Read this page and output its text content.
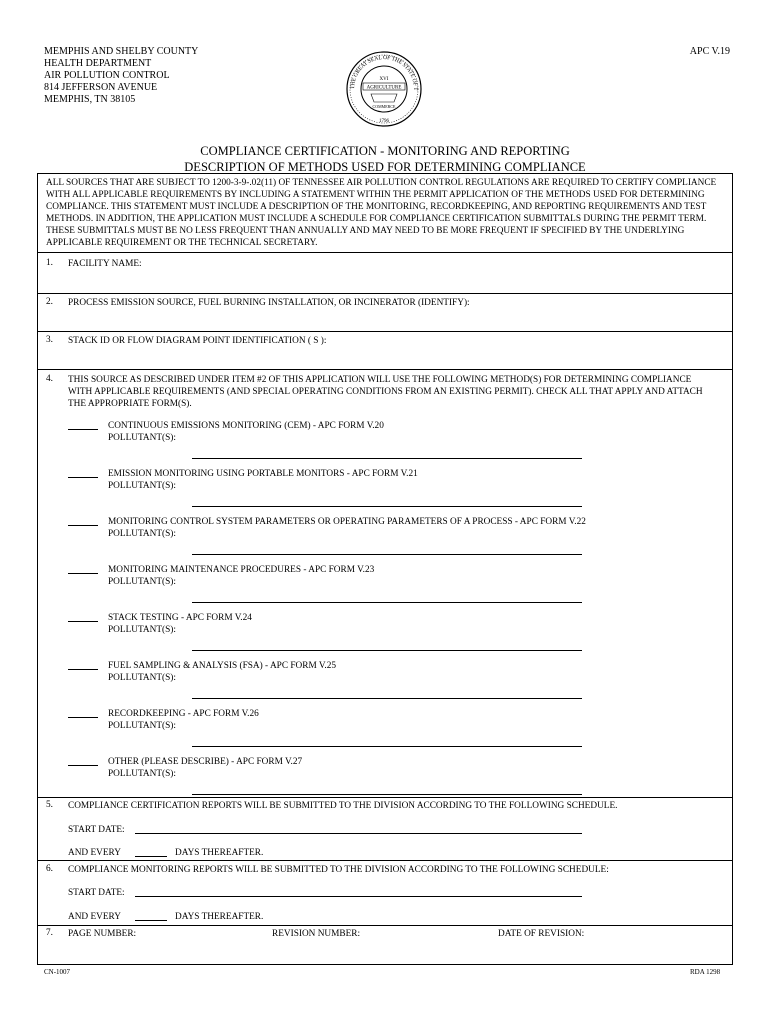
MEMPHIS AND SHELBY COUNTY
HEALTH DEPARTMENT
AIR POLLUTION CONTROL
814 JEFFERSON AVENUE
MEMPHIS, TN 38105
APC V.19
THE GREAT SEAL OF THE STATE OF T
XVI
AGRICULTURE
COMMERCE
1796
COMPLIANCE CERTIFICATION - MONITORING AND REPORTING
DESCRIPTION OF METHODS USED FOR DETERMINING COMPLIANCE
ALL SOURCES THAT ARE SUBJECT TO 1200-3-9-.02(11) OF TENNESSEE AIR POLLUTION CONTROL REGULATIONS ARE REQUIRED TO CERTIFY COMPLIANCE WITH ALL APPLICABLE REQUIREMENTS BY INCLUDING A STATEMENT WITHIN THE PERMIT APPLICATION OF THE METHODS USED FOR DETERMINING COMPLIANCE. THIS STATEMENT MUST INCLUDE A DESCRIPTION OF THE MONITORING, RECORDKEEPING, AND REPORTING REQUIREMENTS AND TEST METHODS. IN ADDITION, THE APPLICATION MUST INCLUDE A SCHEDULE FOR COMPLIANCE CERTIFICATION SUBMITTALS DURING THE PERMIT TERM. THESE SUBMITTALS MUST BE NO LESS FREQUENT THAN ANNUALLY AND MAY NEED TO BE MORE FREQUENT IF SPECIFIED BY THE UNDERLYING APPLICABLE REQUIREMENT OR THE TECHNICAL SECRETARY.
1. FACILITY NAME:
2. PROCESS EMISSION SOURCE, FUEL BURNING INSTALLATION, OR INCINERATOR (IDENTIFY):
3. STACK ID OR FLOW DIAGRAM POINT IDENTIFICATION ( S ):
4. THIS SOURCE AS DESCRIBED UNDER ITEM #2 OF THIS APPLICATION WILL USE THE FOLLOWING METHOD(S) FOR DETERMINING COMPLIANCE WITH APPLICABLE REQUIREMENTS (AND SPECIAL OPERATING CONDITIONS FROM AN EXISTING PERMIT). CHECK ALL THAT APPLY AND ATTACH THE APPROPRIATE FORM(S).
CONTINUOUS EMISSIONS MONITORING (CEM) - APC FORM V.20
POLLUTANT(S):
EMISSION MONITORING USING PORTABLE MONITORS - APC FORM V.21
POLLUTANT(S):
MONITORING CONTROL SYSTEM PARAMETERS OR OPERATING PARAMETERS OF A PROCESS - APC FORM V.22
POLLUTANT(S):
MONITORING MAINTENANCE PROCEDURES - APC FORM V.23
POLLUTANT(S):
STACK TESTING - APC FORM V.24
POLLUTANT(S):
FUEL SAMPLING & ANALYSIS (FSA) - APC FORM V.25
POLLUTANT(S):
RECORDKEEPING - APC FORM V.26
POLLUTANT(S):
OTHER (PLEASE DESCRIBE) - APC FORM V.27
POLLUTANT(S):
5. COMPLIANCE CERTIFICATION REPORTS WILL BE SUBMITTED TO THE DIVISION ACCORDING TO THE FOLLOWING SCHEDULE.
START DATE:
AND EVERY	DAYS THEREAFTER.
6. COMPLIANCE MONITORING REPORTS WILL BE SUBMITTED TO THE DIVISION ACCORDING TO THE FOLLOWING SCHEDULE:
START DATE:
AND EVERY	DAYS THEREAFTER.
7. PAGE NUMBER:	REVISION NUMBER:	DATE OF REVISION:
CN-1007	RDA 1298
